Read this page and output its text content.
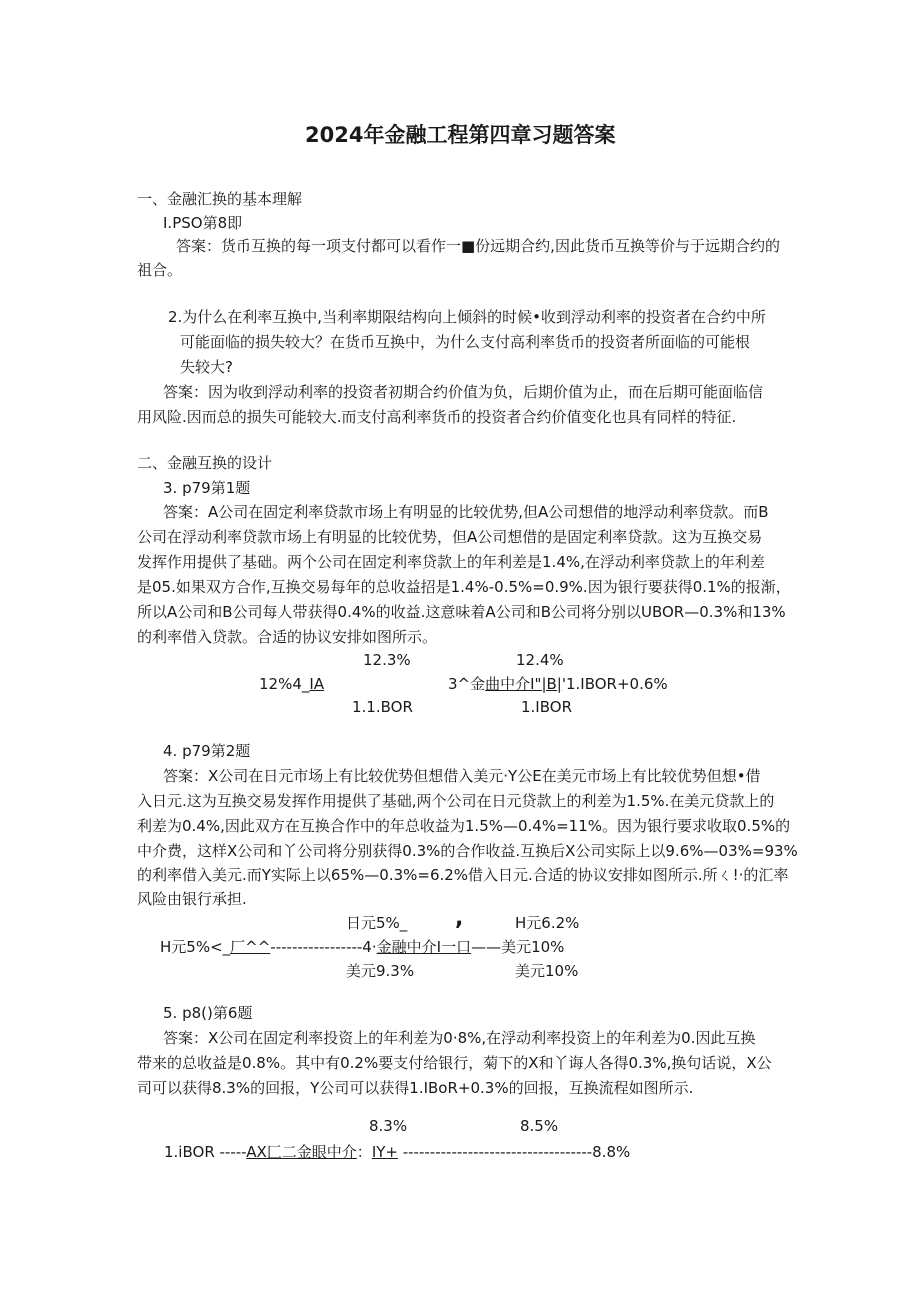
2024年金融工程第四章习题答案
一、金融汇换的基本理解
I.PSO第8即
答案：货币互换的每一项支付都可以看作一■份远期合约,因此货币互换等价与于远期合约的
祖合。
2.为什么在利率互换中,当利率期限结构向上倾斜的时候•收到浮动利率的投资者在合约中所
可能面临的损失较大？在货币互换中，为什么支付高利率货币的投资者所面临的可能根
失较大?
答案：因为收到浮动利率的投资者初期合约价值为负，后期价值为止，而在后期可能面临信
用风险.因而总的损失可能较大.而支付高利率货币的投资者合约价值变化也具有同样的特征.
二、金融互换的设计
3. p79第1题
答案：A公司在固定利率贷款市场上有明显的比较优势,但A公司想借的地浮动利率贷款。而B
公司在浮动利率贷款市场上有明显的比较优势，但A公司想借的是固定利率贷款。这为互换交易
发挥作用提供了基础。两个公司在固定利率贷款上的年利差是1.4%,在浮动利率贷款上的年利差
是05.如果双方合作,互换交易每年的总收益招是1.4%-0.5%=0.9%.因为银行要获得0.1%的报渐，
所以A公司和B公司每人带获得0.4%的收益.这意味着A公司和B公司将分别以UBOR—0.3%和13%
的利率借入贷款。合适的协议安排如图所示。
12.3%	12.4%
12%4_IA	3^金曲中介I"|B|'1.IBOR+0.6%
1.1.BOR	1.IBOR
4. p79第2题
答案：X公司在日元市场上有比较优势但想借入美元·Y公E在美元市场上有比较优势但想•借
入日元.这为互换交易发挥作用提供了基础,两个公司在日元贷款上的利差为1.5%.在美元贷款上的
利差为0.4%,因此双方在互换合作中的年总收益为1.5%—0.4%=11%。因为银行要求收取0.5%的
中介费，这样X公司和丫公司将分别获得0.3%的合作收益.互换后X公司实际上以9.6%—03%=93%
的利率借入美元.而Y实际上以65%—0.3%=6.2%借入日元.合适的协议安排如图所示.所ㄑ!·的汇率
风险由银行承担.
日元5%_ ,	H元6.2%
H元5%<_厂^^-----------------4·金融中介I一口——美元10%
美元9.3%	美元10%
5. p8()第6题
答案：X公司在固定利率投资上的年利差为0·8%,在浮动利率投资上的年利差为0.因此互换
带来的总收益是0.8%。其中有0.2%要支付给银行，菊下的X和丫诲人各得0.3%,换句话说，X公
司可以获得8.3%的回报，Y公司可以获得1.IBoR+0.3%的回报，互换流程如图所示.
8.3%	8.5%
1.iBOR -----AX匚二金眼中介：IY+ -----------------------------------8.8%
